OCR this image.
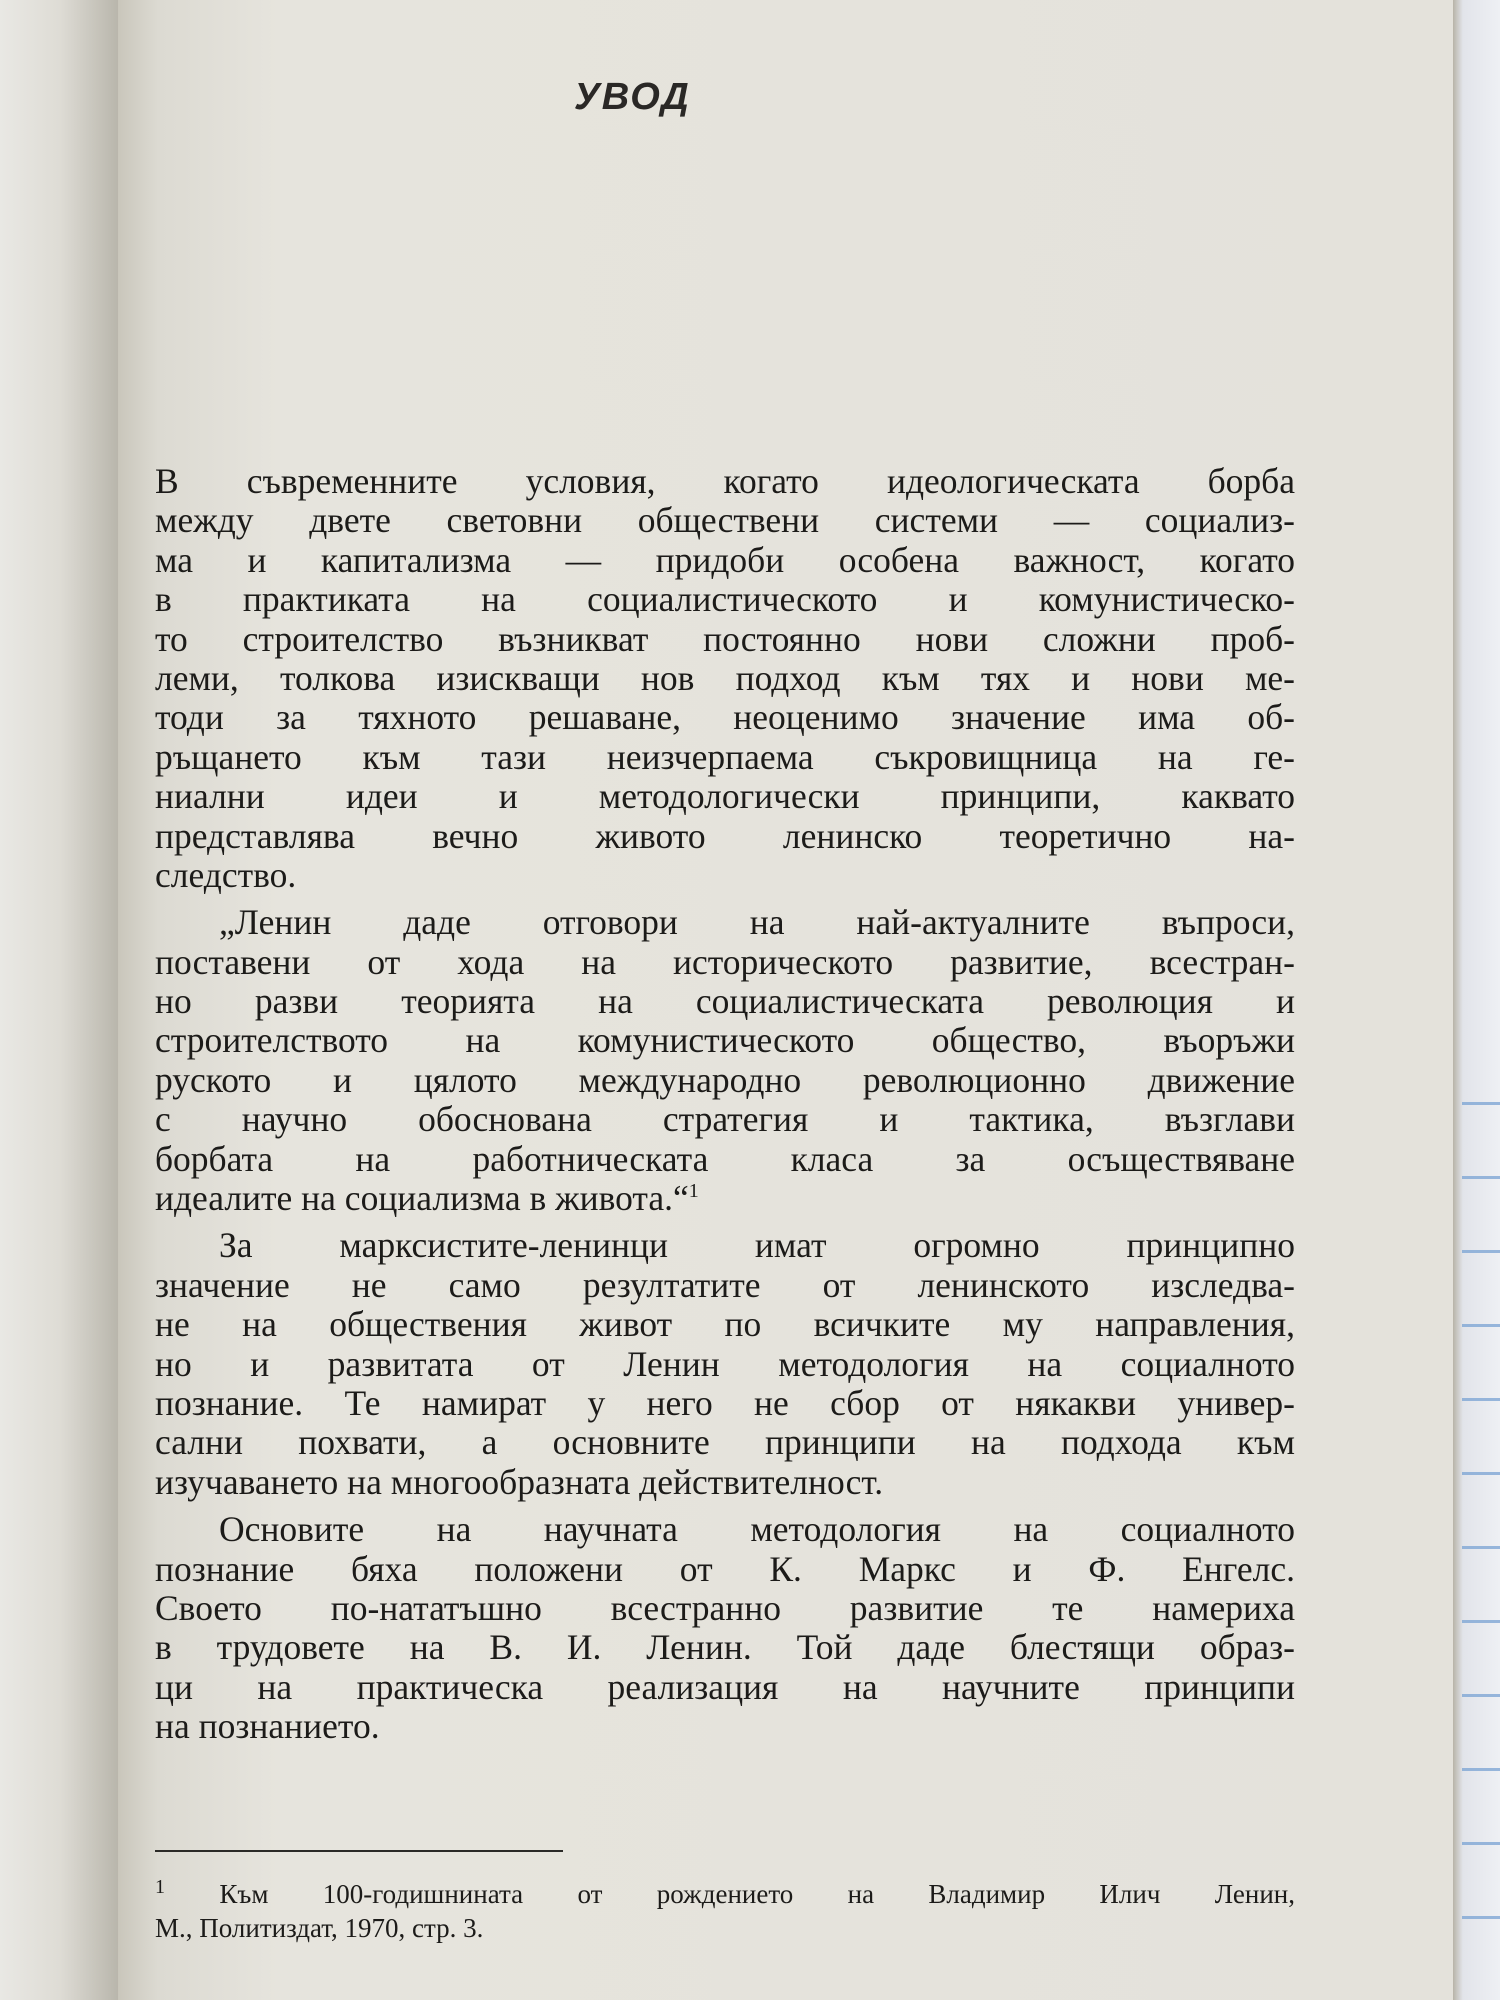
УВОД
В съвременните условия, когато идеологическата борба
между двете световни обществени системи — социализ-
ма и капитализма — придоби особена важност, когато
в практиката на социалистическото и комунистическо-
то строителство възникват постоянно нови сложни проб-
леми, толкова изискващи нов подход към тях и нови ме-
тоди за тяхното решаване, неоценимо значение има об-
ръщането към тази неизчерпаема съкровищница на ге-
ниални идеи и методологически принципи, каквато
представлява вечно живото ленинско теоретично на-
следство.
„Ленин даде отговори на най-актуалните въпроси,
поставени от хода на историческото развитие, всестран-
но разви теорията на социалистическата революция и
строителството на комунистическото общество, въоръжи
руското и цялото международно революционно движение
с научно обоснована стратегия и тактика, възглави
борбата на работническата класа за осъществяване
идеалите на социализма в живота.“$^1$
За марксистите-ленинци имат огромно принципно
значение не само резултатите от ленинското изследва-
не на обществения живот по всичките му направления,
но и развитата от Ленин методология на социалното
познание. Те намират у него не сбор от някакви универ-
сални похвати, а основните принципи на подхода към
изучаването на многообразната действителност.
Основите на научната методология на социалното
познание бяха положени от К. Маркс и Ф. Енгелс.
Своето по-нататъшно всестранно развитие те намериха
в трудовете на В. И. Ленин. Той даде блестящи образ-
ци на практическа реализация на научните принципи
на познанието.
$^1$ Към 100-годишнината от рождението на Владимир Илич Ленин,
М., Политиздат, 1970, стр. 3.
